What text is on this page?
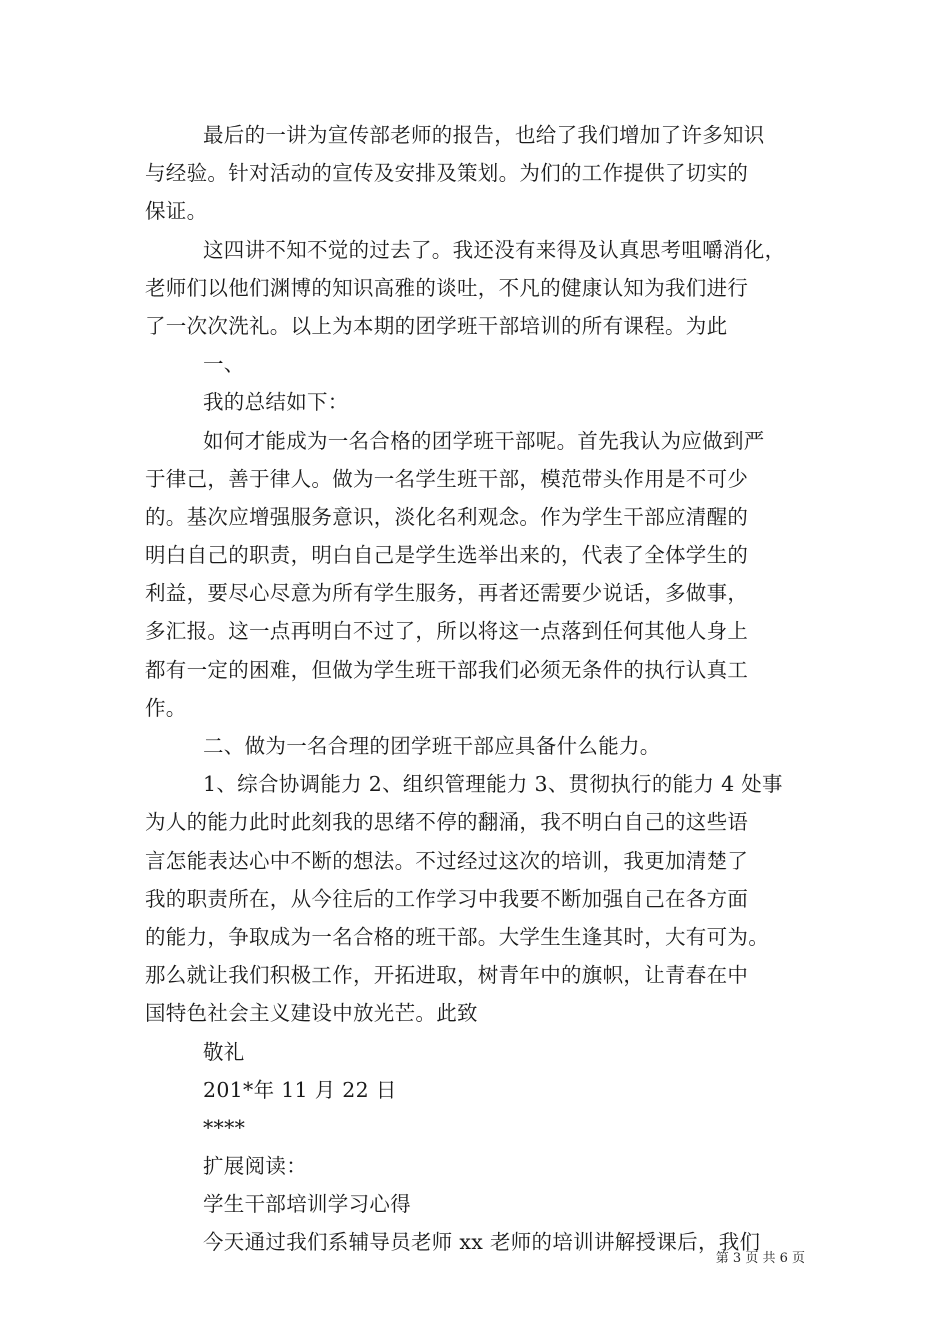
最后的一讲为宣传部老师的报告，也给了我们增加了许多知识
与经验。针对活动的宣传及安排及策划。为们的工作提供了切实的
保证。
这四讲不知不觉的过去了。我还没有来得及认真思考咀嚼消化，
老师们以他们渊博的知识高雅的谈吐，不凡的健康认知为我们进行
了一次次洗礼。以上为本期的团学班干部培训的所有课程。为此
一、
我的总结如下：
如何才能成为一名合格的团学班干部呢。首先我认为应做到严
于律己，善于律人。做为一名学生班干部，模范带头作用是不可少
的。基次应增强服务意识，淡化名利观念。作为学生干部应清醒的
明白自己的职责，明白自己是学生选举出来的，代表了全体学生的
利益，要尽心尽意为所有学生服务，再者还需要少说话，多做事，
多汇报。这一点再明白不过了，所以将这一点落到任何其他人身上
都有一定的困难，但做为学生班干部我们必须无条件的执行认真工
作。
二、做为一名合理的团学班干部应具备什么能力。
1、综合协调能力 2、组织管理能力 3、贯彻执行的能力 4 处事
为人的能力此时此刻我的思绪不停的翻涌，我不明白自己的这些语
言怎能表达心中不断的想法。不过经过这次的培训，我更加清楚了
我的职责所在，从今往后的工作学习中我要不断加强自己在各方面
的能力，争取成为一名合格的班干部。大学生生逢其时，大有可为。
那么就让我们积极工作，开拓进取，树青年中的旗帜，让青春在中
国特色社会主义建设中放光芒。此致
敬礼
201*年 11 月 22 日
****
扩展阅读：
学生干部培训学习心得
今天通过我们系辅导员老师 xx 老师的培训讲解授课后，我们
第 3 页 共 6 页
